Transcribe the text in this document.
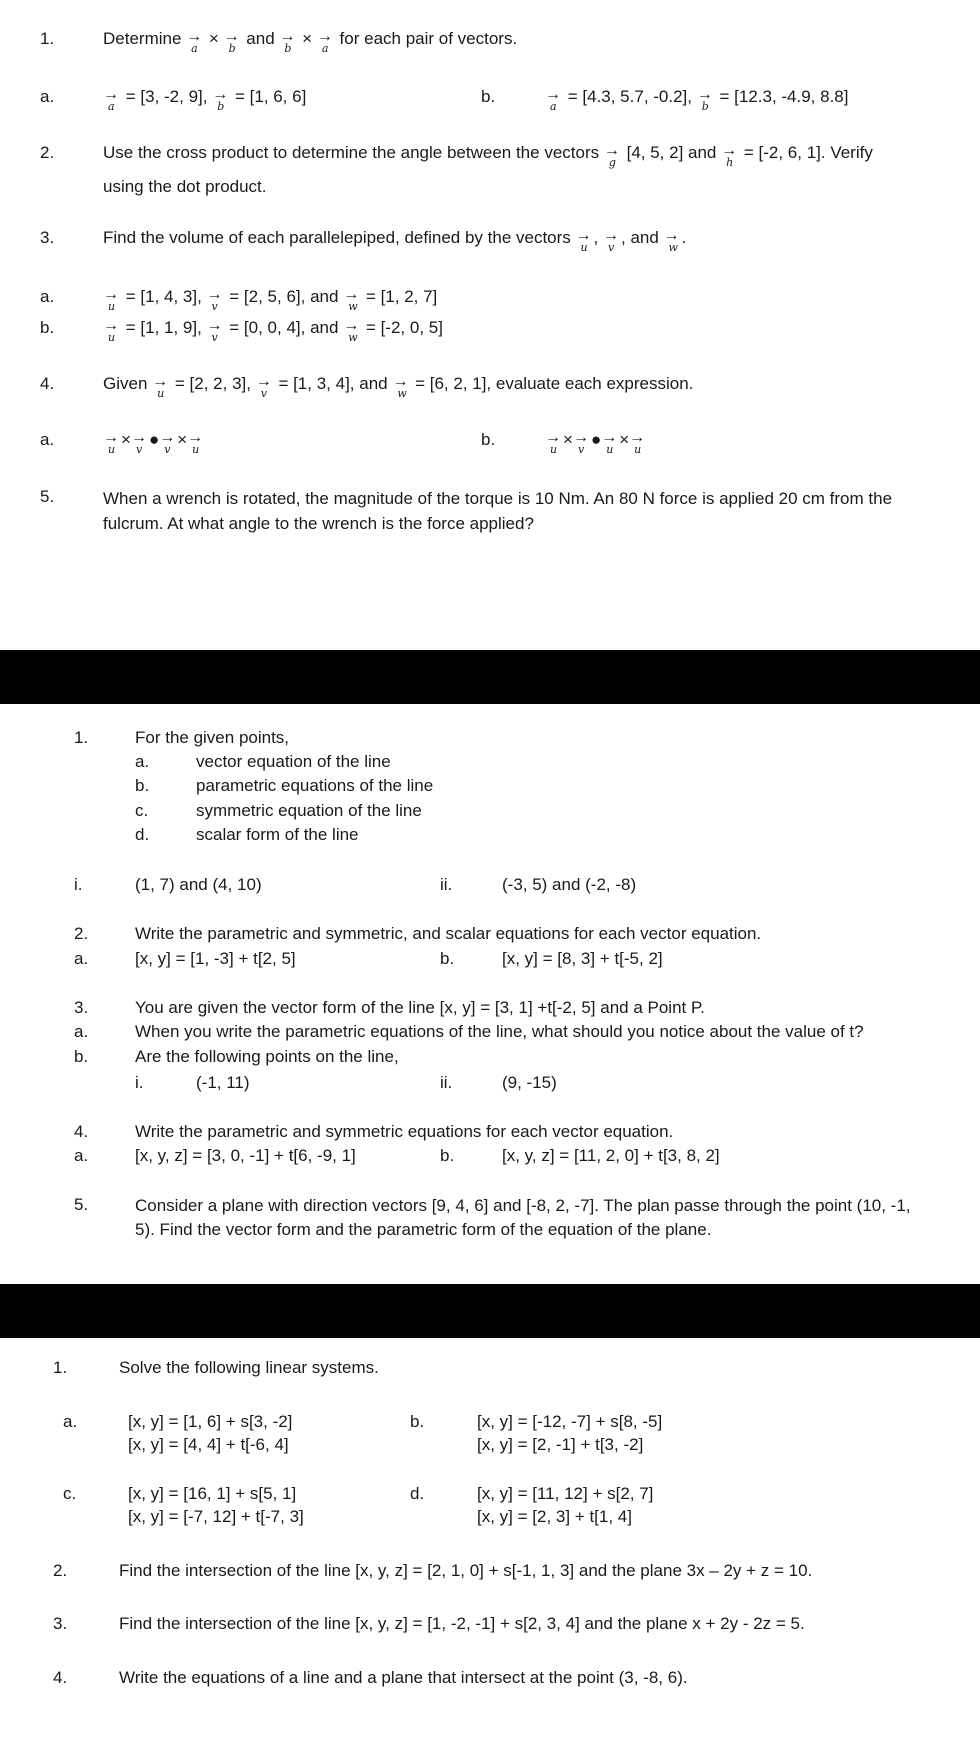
1.	Determine →
a
× →
b
and →
b
× →
a
for each pair of vectors.
a.	→
a
= [3, -2, 9], →
b
= [1, 6, 6]	b.	→
a
= [4.3, 5.7, -0.2], →
b
= [12.3, -4.9, 8.8]
2.	Use the cross product to determine the angle between the vectors →
g
[4, 5, 2] and →
h
= [-2, 6, 1]. Verify
using the dot product.
3.	Find the volume of each parallelepiped, defined by the vectors →
u
, →
v
, and →
w
.
a.	→
u
= [1, 4, 3], →
v
= [2, 5, 6], and →
w
= [1, 2, 7]
b.	→
u
= [1, 1, 9], →
v
= [0, 0, 4], and →
w
= [-2, 0, 5]
4.	Given →
u
= [2, 2, 3], →
v
= [1, 3, 4], and →
w
= [6, 2, 1], evaluate each expression.
a.	→
u
× →
v
● →
v
× →
u
b.	→
u
× →
v
● →
u
× →
u
5.	When a wrench is rotated, the magnitude of the torque is 10 Nm. An 80 N force is applied 20 cm from the fulcrum. At what angle to the wrench is the force applied?
1.	For the given points,
a.	vector equation of the line
b.	parametric equations of the line
c.	symmetric equation of the line
d.	scalar form of the line
i.	(1, 7) and (4, 10)	ii.	(-3, 5) and (-2, -8)
2.	Write the parametric and symmetric, and scalar equations for each vector equation.
a.	[x, y] = [1, -3] + t[2, 5]	b.	[x, y] = [8, 3] + t[-5, 2]
3.	You are given the vector form of the line [x, y] = [3, 1] +t[-2, 5] and a Point P.
a.	When you write the parametric equations of the line, what should you notice about the value of t?
b.	Are the following points on the line,
i.	(-1, 11)	ii.	(9, -15)
4.	Write the parametric and symmetric equations for each vector equation.
a.	[x, y, z] = [3, 0, -1] + t[6, -9, 1]	b.	[x, y, z] = [11, 2, 0] + t[3, 8, 2]
5.	Consider a plane with direction vectors [9, 4, 6] and [-8, 2, -7]. The plan passe through the point (10, -1, 5). Find the vector form and the parametric form of the equation of the plane.
1.	Solve the following linear systems.
a.	[x, y] = [1, 6] + s[3, -2]
[x, y] = [4, 4] + t[-6, 4]
b.	[x, y] = [-12, -7] + s[8, -5]
[x, y] = [2, -1] + t[3, -2]
c.	[x, y] = [16, 1] + s[5, 1]
[x, y] = [-7, 12] + t[-7, 3]
d.	[x, y] = [11, 12] + s[2, 7]
[x, y] = [2, 3] + t[1, 4]
2.	Find the intersection of the line [x, y, z] = [2, 1, 0] + s[-1, 1, 3] and the plane 3x – 2y + z = 10.
3.	Find the intersection of the line [x, y, z] = [1, -2, -1] + s[2, 3, 4] and the plane x + 2y - 2z = 5.
4.	Write the equations of a line and a plane that intersect at the point (3, -8, 6).
